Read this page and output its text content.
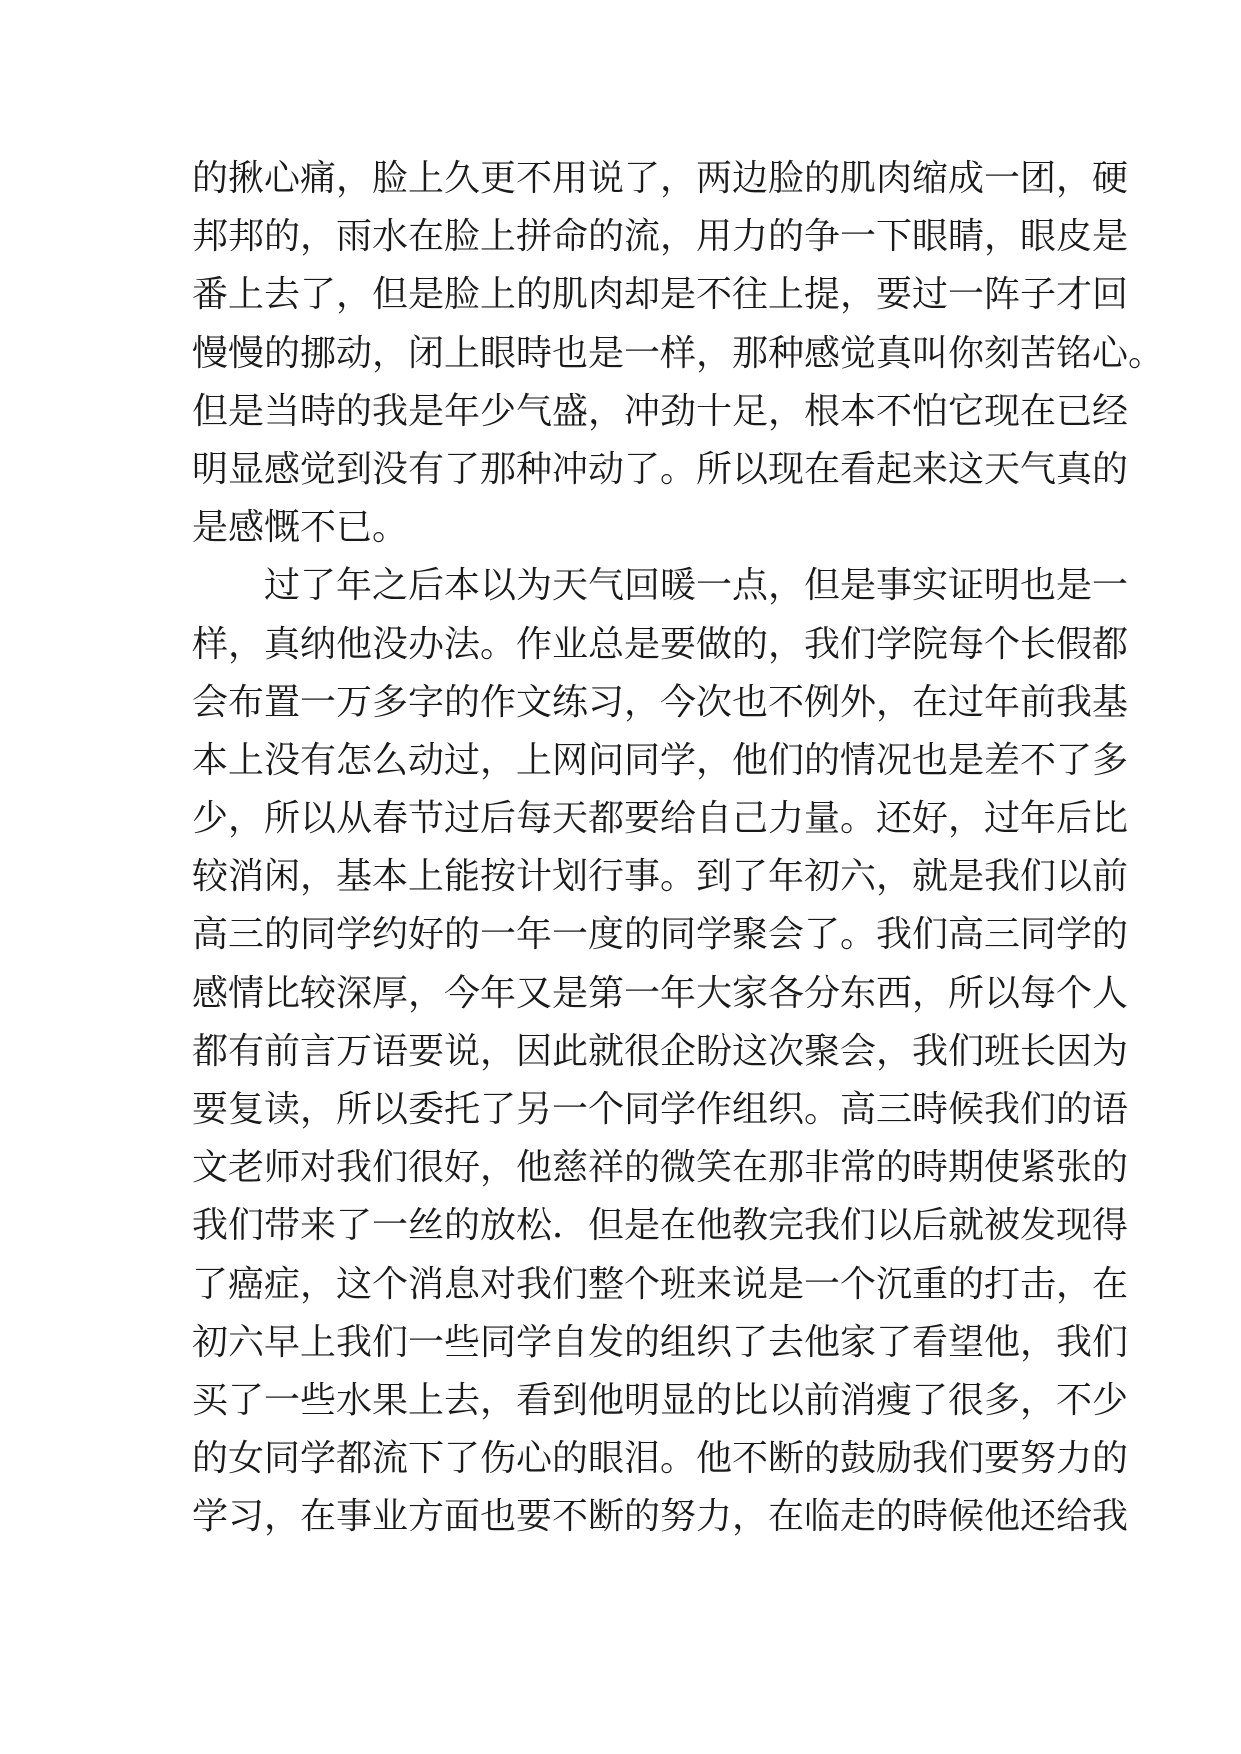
的揪心痛，脸上久更不用说了，两边脸的肌肉缩成一团，硬
邦邦的，雨水在脸上拼命的流，用力的争一下眼睛，眼皮是
番上去了，但是脸上的肌肉却是不往上提，要过一阵子才回
慢慢的挪动，闭上眼時也是一样，那种感觉真叫你刻苦铭心。
但是当時的我是年少气盛，冲劲十足，根本不怕它现在已经
明显感觉到没有了那种冲动了。所以现在看起来这天气真的
是感慨不已。
过了年之后本以为天气回暖一点，但是事实证明也是一
样，真纳他没办法。作业总是要做的，我们学院每个长假都
会布置一万多字的作文练习，今次也不例外，在过年前我基
本上没有怎么动过，上网问同学，他们的情况也是差不了多
少，所以从春节过后每天都要给自己力量。还好，过年后比
较消闲，基本上能按计划行事。到了年初六，就是我们以前
高三的同学约好的一年一度的同学聚会了。我们高三同学的
感情比较深厚，今年又是第一年大家各分东西，所以每个人
都有前言万语要说，因此就很企盼这次聚会，我们班长因为
要复读，所以委托了另一个同学作组织。高三時候我们的语
文老师对我们很好，他慈祥的微笑在那非常的時期使紧张的
我们带来了一丝的放松．但是在他教完我们以后就被发现得
了癌症，这个消息对我们整个班来说是一个沉重的打击，在
初六早上我们一些同学自发的组织了去他家了看望他，我们
买了一些水果上去，看到他明显的比以前消瘦了很多，不少
的女同学都流下了伤心的眼泪。他不断的鼓励我们要努力的
学习，在事业方面也要不断的努力，在临走的時候他还给我
